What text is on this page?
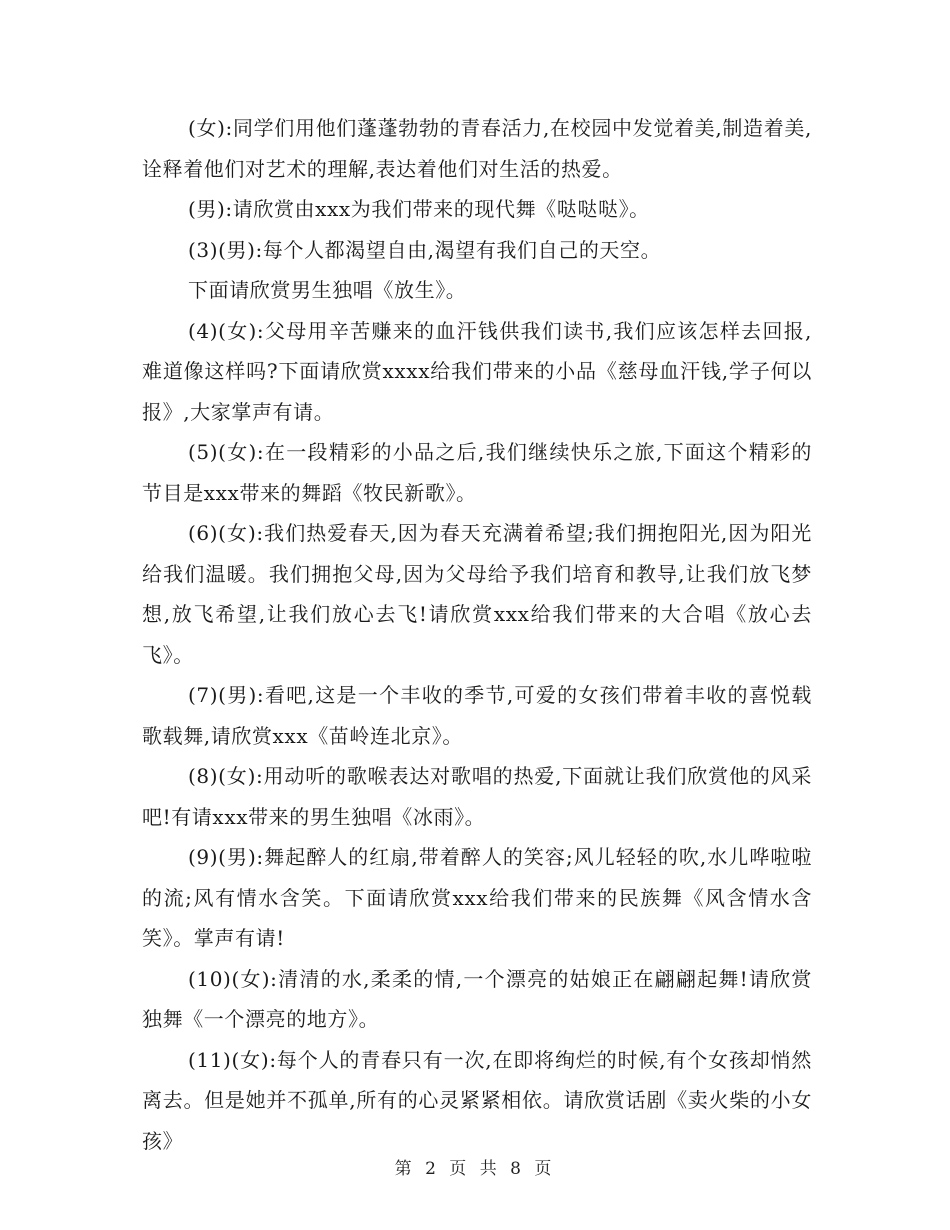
(女):同学们用他们蓬蓬勃勃的青春活力,在校园中发觉着美,制造着美,诠释着他们对艺术的理解,表达着他们对生活的热爱。

(男):请欣赏由xxx为我们带来的现代舞《哒哒哒》。

(3)(男):每个人都渴望自由,渴望有我们自己的天空。

下面请欣赏男生独唱《放生》。

(4)(女):父母用辛苦赚来的血汗钱供我们读书,我们应该怎样去回报,难道像这样吗?下面请欣赏xxxx给我们带来的小品《慈母血汗钱,学子何以报》,大家掌声有请。

(5)(女):在一段精彩的小品之后,我们继续快乐之旅,下面这个精彩的节目是xxx带来的舞蹈《牧民新歌》。

(6)(女):我们热爱春天,因为春天充满着希望;我们拥抱阳光,因为阳光给我们温暖。我们拥抱父母,因为父母给予我们培育和教导,让我们放飞梦想,放飞希望,让我们放心去飞!请欣赏xxx给我们带来的大合唱《放心去飞》。

(7)(男):看吧,这是一个丰收的季节,可爱的女孩们带着丰收的喜悦载歌载舞,请欣赏xxx《苗岭连北京》。

(8)(女):用动听的歌喉表达对歌唱的热爱,下面就让我们欣赏他的风采吧!有请xxx带来的男生独唱《冰雨》。

(9)(男):舞起醉人的红扇,带着醉人的笑容;风儿轻轻的吹,水儿哗啦啦的流;风有情水含笑。下面请欣赏xxx给我们带来的民族舞《风含情水含笑》。掌声有请!

(10)(女):清清的水,柔柔的情,一个漂亮的姑娘正在翩翩起舞!请欣赏独舞《一个漂亮的地方》。

(11)(女):每个人的青春只有一次,在即将绚烂的时候,有个女孩却悄然离去。但是她并不孤单,所有的心灵紧紧相依。请欣赏话剧《卖火柴的小女孩》

第 2 页 共 8 页
